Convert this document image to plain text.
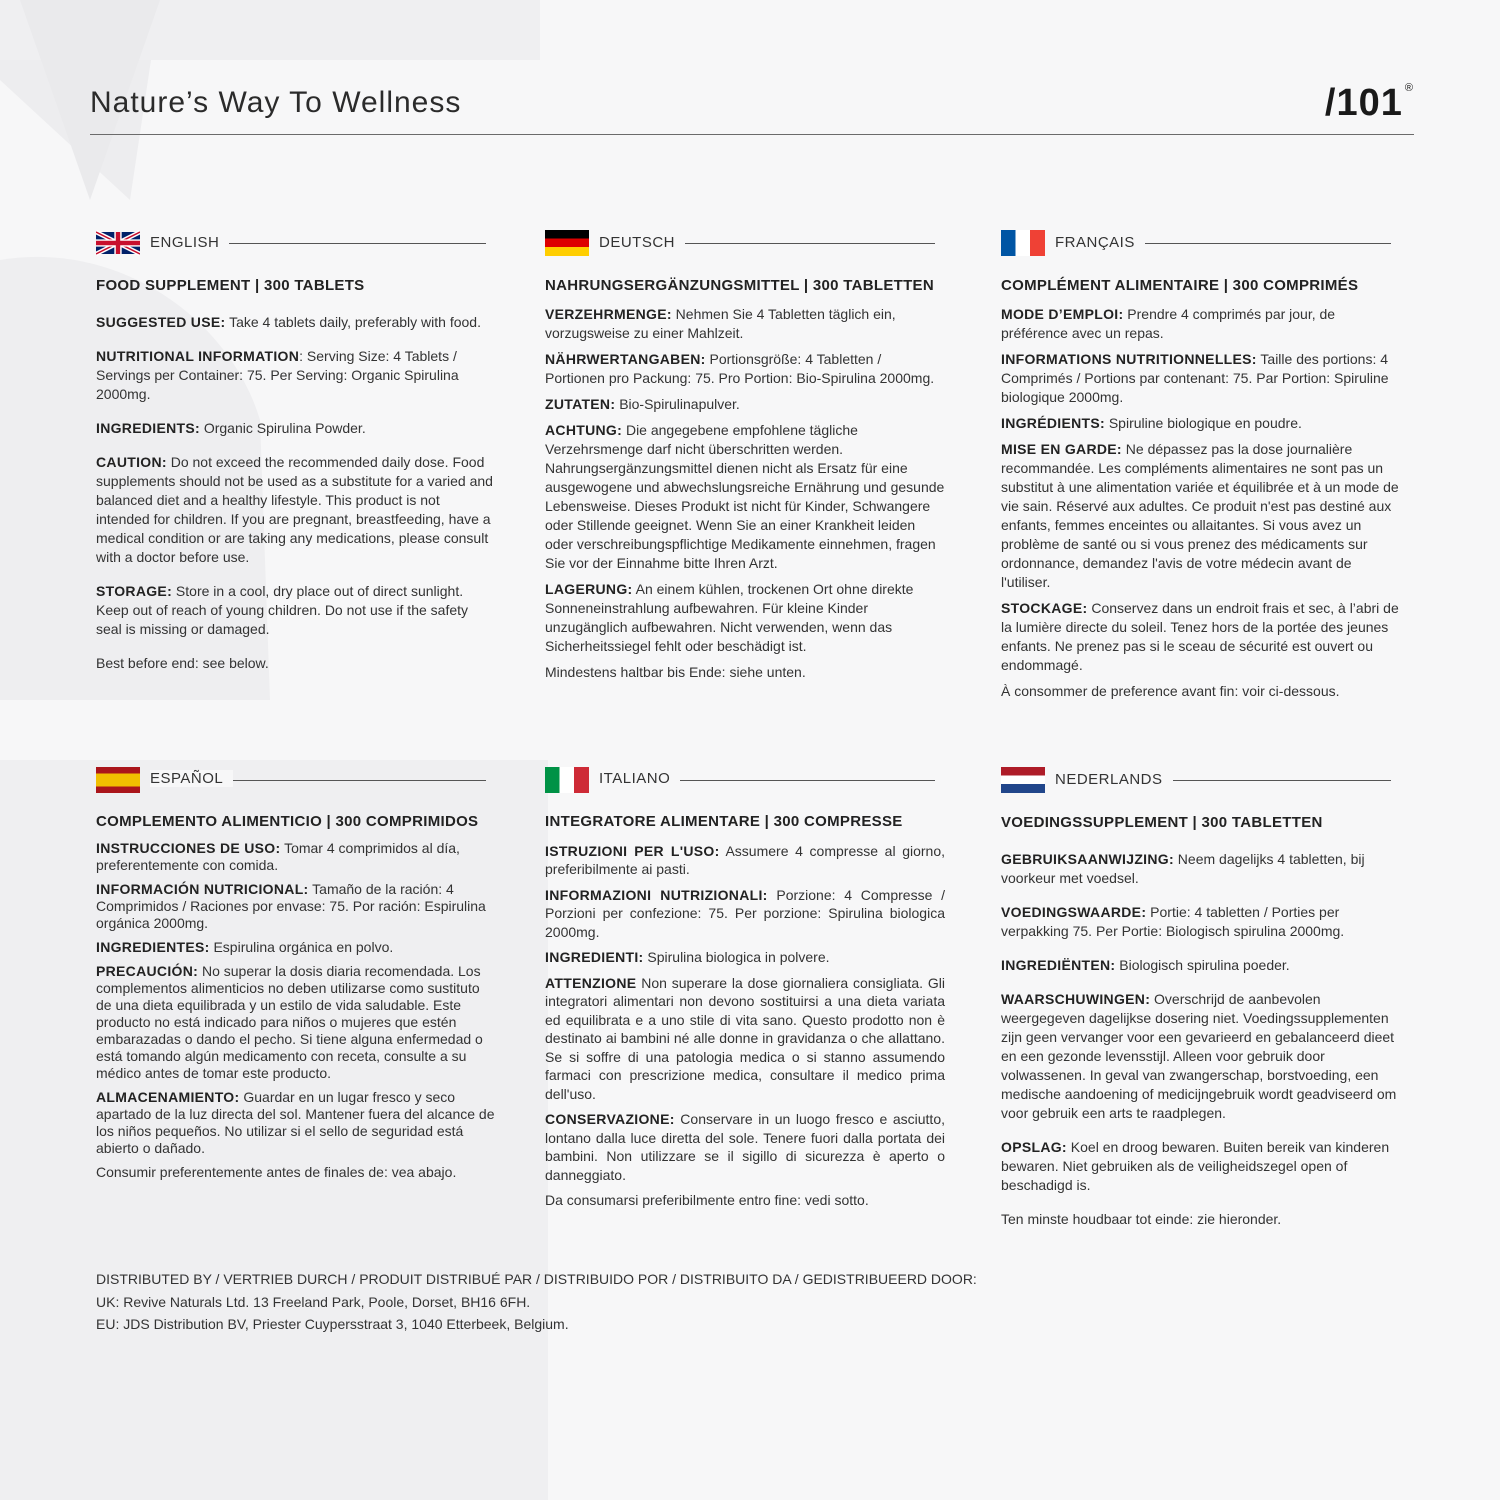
Nature’s Way To Wellness	/101 ®
ENGLISH
FOOD SUPPLEMENT | 300 TABLETS

SUGGESTED USE: Take 4 tablets daily, preferably with food.

NUTRITIONAL INFORMATION: Serving Size: 4 Tablets / Servings per Container: 75. Per Serving: Organic Spirulina 2000mg.

INGREDIENTS: Organic Spirulina Powder.

CAUTION: Do not exceed the recommended daily dose. Food supplements should not be used as a substitute for a varied and balanced diet and a healthy lifestyle. This product is not intended for children. If you are pregnant, breastfeeding, have a medical condition or are taking any medications, please consult with a doctor before use.

STORAGE: Store in a cool, dry place out of direct sunlight. Keep out of reach of young children. Do not use if the safety seal is missing or damaged.

Best before end: see below.

DEUTSCH
NAHRUNGSERGÄNZUNGSMITTEL | 300 TABLETTEN

VERZEHRMENGE: Nehmen Sie 4 Tabletten täglich ein, vorzugsweise zu einer Mahlzeit.

NÄHRWERTANGABEN: Portionsgröße: 4 Tabletten / Portionen pro Packung: 75. Pro Portion: Bio-Spirulina 2000mg.

ZUTATEN: Bio-Spirulinapulver.

ACHTUNG: Die angegebene empfohlene tägliche Verzehrsmenge darf nicht überschritten werden. Nahrungsergänzungsmittel dienen nicht als Ersatz für eine ausgewogene und abwechslungsreiche Ernährung und gesunde Lebensweise. Dieses Produkt ist nicht für Kinder, Schwangere oder Stillende geeignet. Wenn Sie an einer Krankheit leiden oder verschreibungspflichtige Medikamente einnehmen, fragen Sie vor der Einnahme bitte Ihren Arzt.

LAGERUNG: An einem kühlen, trockenen Ort ohne direkte Sonneneinstrahlung aufbewahren. Für kleine Kinder unzugänglich aufbewahren. Nicht verwenden, wenn das Sicherheitssiegel fehlt oder beschädigt ist.

Mindestens haltbar bis Ende: siehe unten.

FRANÇAIS
COMPLÉMENT ALIMENTAIRE | 300 COMPRIMÉS

MODE D’EMPLOI: Prendre 4 comprimés par jour, de préférence avec un repas.

INFORMATIONS NUTRITIONNELLES: Taille des portions: 4 Comprimés / Portions par contenant: 75. Par Portion: Spiruline biologique 2000mg.

INGRÉDIENTS: Spiruline biologique en poudre.

MISE EN GARDE: Ne dépassez pas la dose journalière recommandée. Les compléments alimentaires ne sont pas un substitut à une alimentation variée et équilibrée et à un mode de vie sain. Réservé aux adultes. Ce produit n'est pas destiné aux enfants, femmes enceintes ou allaitantes. Si vous avez un problème de santé ou si vous prenez des médicaments sur ordonnance, demandez l'avis de votre médecin avant de l'utiliser.

STOCKAGE: Conservez dans un endroit frais et sec, à l’abri de la lumière directe du soleil. Tenez hors de la portée des jeunes enfants. Ne prenez pas si le sceau de sécurité est ouvert ou endommagé.

À consommer de preference avant fin: voir ci-dessous.

ESPAÑOL
COMPLEMENTO ALIMENTICIO | 300 COMPRIMIDOS

INSTRUCCIONES DE USO: Tomar 4 comprimidos al día, preferentemente con comida.

INFORMACIÓN NUTRICIONAL: Tamaño de la ración: 4 Comprimidos / Raciones por envase: 75. Por ración: Espirulina orgánica 2000mg.

INGREDIENTES: Espirulina orgánica en polvo.

PRECAUCIÓN: No superar la dosis diaria recomendada. Los complementos alimenticios no deben utilizarse como sustituto de una dieta equilibrada y un estilo de vida saludable. Este producto no está indicado para niños o mujeres que estén embarazadas o dando el pecho. Si tiene alguna enfermedad o está tomando algún medicamento con receta, consulte a su médico antes de tomar este producto.

ALMACENAMIENTO: Guardar en un lugar fresco y seco apartado de la luz directa del sol. Mantener fuera del alcance de los niños pequeños. No utilizar si el sello de seguridad está abierto o dañado.

Consumir preferentemente antes de finales de: vea abajo.

ITALIANO
INTEGRATORE ALIMENTARE | 300 COMPRESSE

ISTRUZIONI PER L'USO: Assumere 4 compresse al giorno, preferibilmente ai pasti.

INFORMAZIONI NUTRIZIONALI: Porzione: 4 Compresse / Porzioni per confezione: 75. Per porzione: Spirulina biologica 2000mg.

INGREDIENTI: Spirulina biologica in polvere.

ATTENZIONE Non superare la dose giornaliera consigliata. Gli integratori alimentari non devono sostituirsi a una dieta variata ed equilibrata e a uno stile di vita sano. Questo prodotto non è destinato ai bambini né alle donne in gravidanza o che allattano. Se si soffre di una patologia medica o si stanno assumendo farmaci con prescrizione medica, consultare il medico prima dell'uso.

CONSERVAZIONE: Conservare in un luogo fresco e asciutto, lontano dalla luce diretta del sole. Tenere fuori dalla portata dei bambini. Non utilizzare se il sigillo di sicurezza è aperto o danneggiato.

Da consumarsi preferibilmente entro fine: vedi sotto.

NEDERLANDS
VOEDINGSSUPPLEMENT | 300 TABLETTEN

GEBRUIKSAANWIJZING: Neem dagelijks 4 tabletten, bij voorkeur met voedsel.

VOEDINGSWAARDE: Portie: 4 tabletten / Porties per verpakking 75. Per Portie: Biologisch spirulina 2000mg.

INGREDIËNTEN: Biologisch spirulina poeder.

WAARSCHUWINGEN: Overschrijd de aanbevolen weergegeven dagelijkse dosering niet. Voedingssupplementen zijn geen vervanger voor een gevarieerd en gebalanceerd dieet en een gezonde levensstijl. Alleen voor gebruik door volwassenen. In geval van zwangerschap, borstvoeding, een medische aandoening of medicijngebruik wordt geadviseerd om voor gebruik een arts te raadplegen.

OPSLAG: Koel en droog bewaren. Buiten bereik van kinderen bewaren. Niet gebruiken als de veiligheidszegel open of beschadigd is.

Ten minste houdbaar tot einde: zie hieronder.

DISTRIBUTED BY / VERTRIEB DURCH / PRODUIT DISTRIBUÉ PAR / DISTRIBUIDO POR / DISTRIBUITO DA / GEDISTRIBUEERD DOOR:
UK: Revive Naturals Ltd. 13 Freeland Park, Poole, Dorset, BH16 6FH.
EU: JDS Distribution BV, Priester Cuypersstraat 3, 1040 Etterbeek, Belgium.
